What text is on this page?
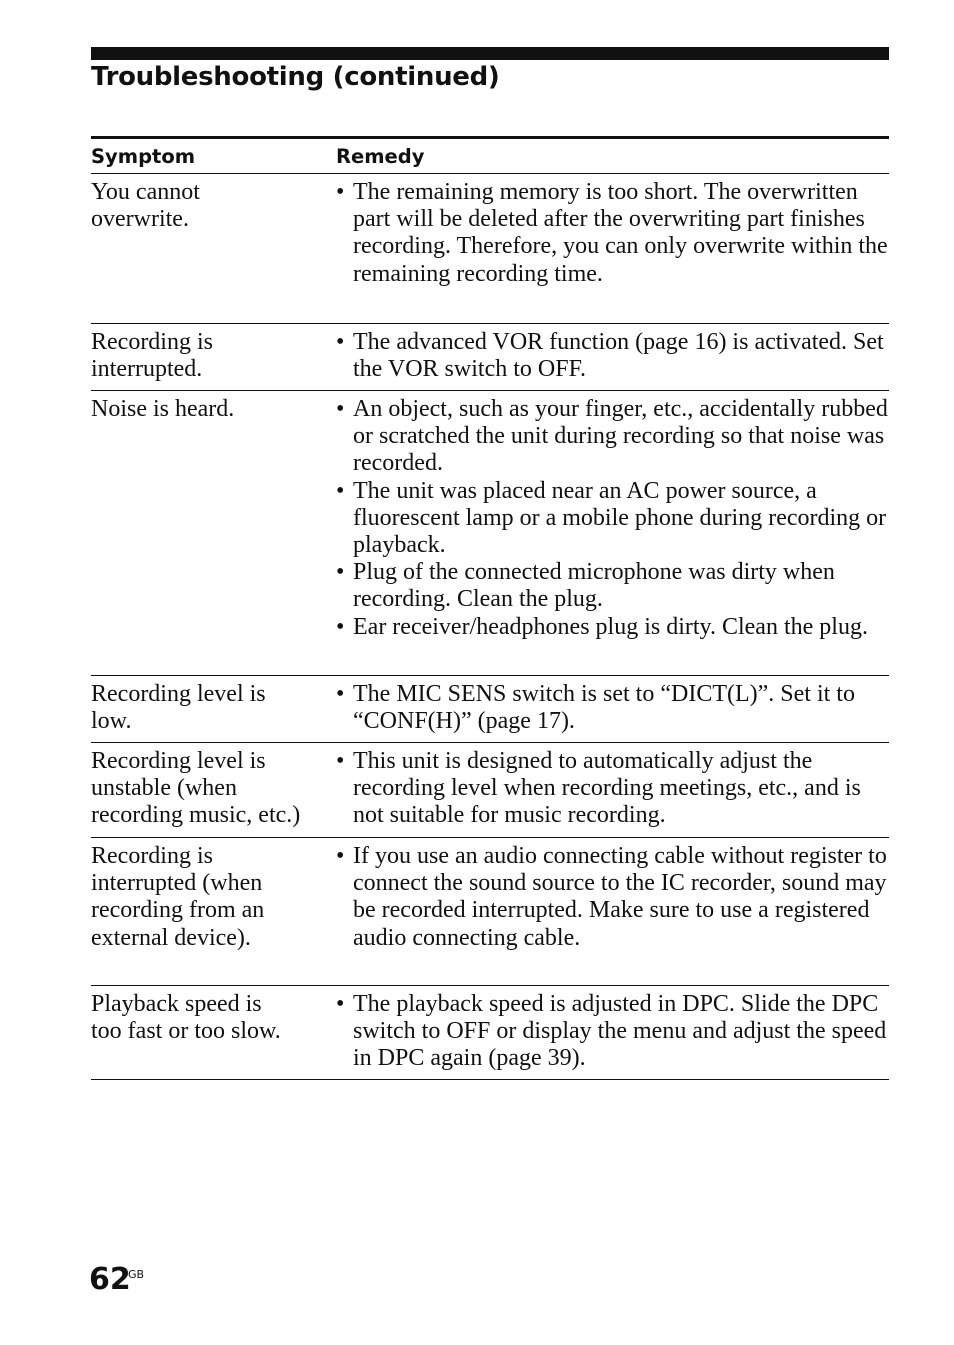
Troubleshooting (continued)
Symptom	Remedy
You cannot
overwrite.
• The remaining memory is too short. The overwritten part will be deleted after the overwriting part finishes recording. Therefore, you can only overwrite within the remaining recording time.
Recording is
interrupted.
• The advanced VOR function (page 16) is activated. Set the VOR switch to OFF.
Noise is heard.	• An object, such as your finger, etc., accidentally rubbed or scratched the unit during recording so that noise was recorded.
• The unit was placed near an AC power source, a fluorescent lamp or a mobile phone during recording or playback.
• Plug of the connected microphone was dirty when recording. Clean the plug.
• Ear receiver/headphones plug is dirty. Clean the plug.
Recording level is
low.
• The MIC SENS switch is set to “DICT(L)”. Set it to “CONF(H)” (page 17).
Recording level is
unstable (when
recording music, etc.)
• This unit is designed to automatically adjust the recording level when recording meetings, etc., and is not suitable for music recording.
Recording is
interrupted (when
recording from an
external device).
• If you use an audio connecting cable without register to connect the sound source to the IC recorder, sound may be recorded interrupted. Make sure to use a registered audio connecting cable.
Playback speed is
too fast or too slow.
• The playback speed is adjusted in DPC. Slide the DPC switch to OFF or display the menu and adjust the speed in DPC again (page 39).
62
GB
